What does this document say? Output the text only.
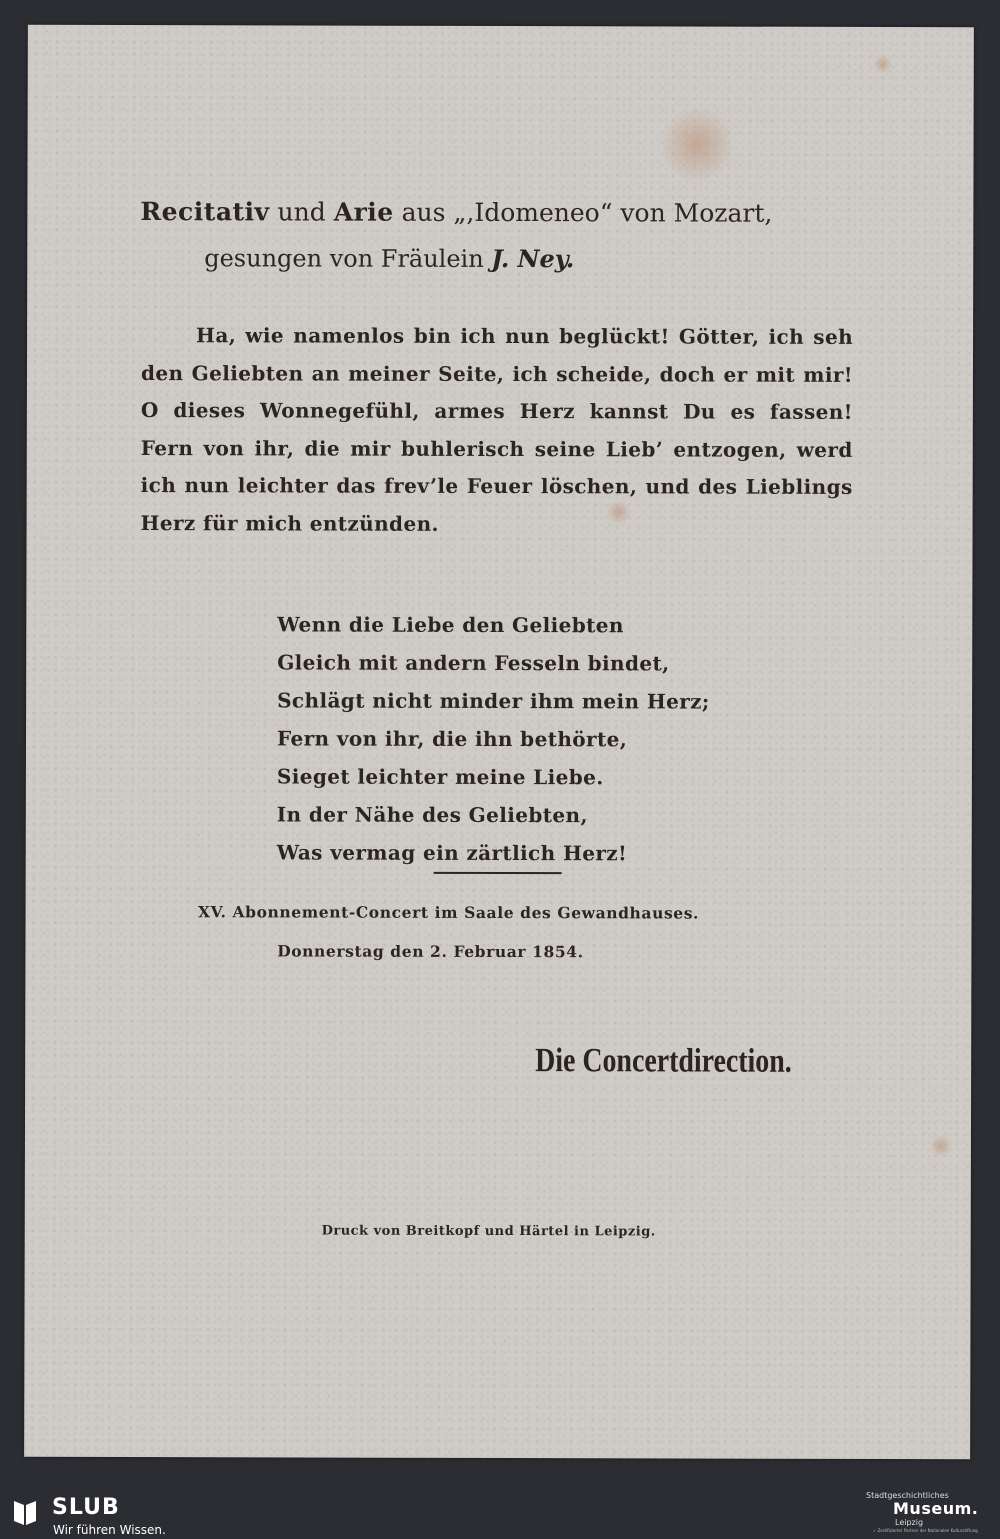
Recitativ und Arie aus „,Idomeneo“ von Mozart,
gesungen von Fräulein J. Ney.
Ha, wie namenlos bin ich nun beglückt! Götter, ich seh
den Geliebten an meiner Seite, ich scheide, doch er mit mir!
O dieses Wonnegefühl, armes Herz kannst Du es fassen!
Fern von ihr, die mir buhlerisch seine Lieb’ entzogen, werd
ich nun leichter das frev’le Feuer löschen, und des Lieblings
Herz für mich entzünden.
Wenn die Liebe den Geliebten
Gleich mit andern Fesseln bindet,
Schlägt nicht minder ihm mein Herz;
Fern von ihr, die ihn bethörte,
Sieget leichter meine Liebe.
In der Nähe des Geliebten,
Was vermag ein zärtlich Herz!
XV. Abonnement-Concert im Saale des Gewandhauses.
Donnerstag den 2. Februar 1854.
Die Concertdirection.
Druck von Breitkopf und Härtel in Leipzig.
SLUB
Wir führen Wissen.
Stadtgeschichtliches
Museum.
Leipzig
✓ Zertifizierter Partner der Nationalen Kulturstiftung
